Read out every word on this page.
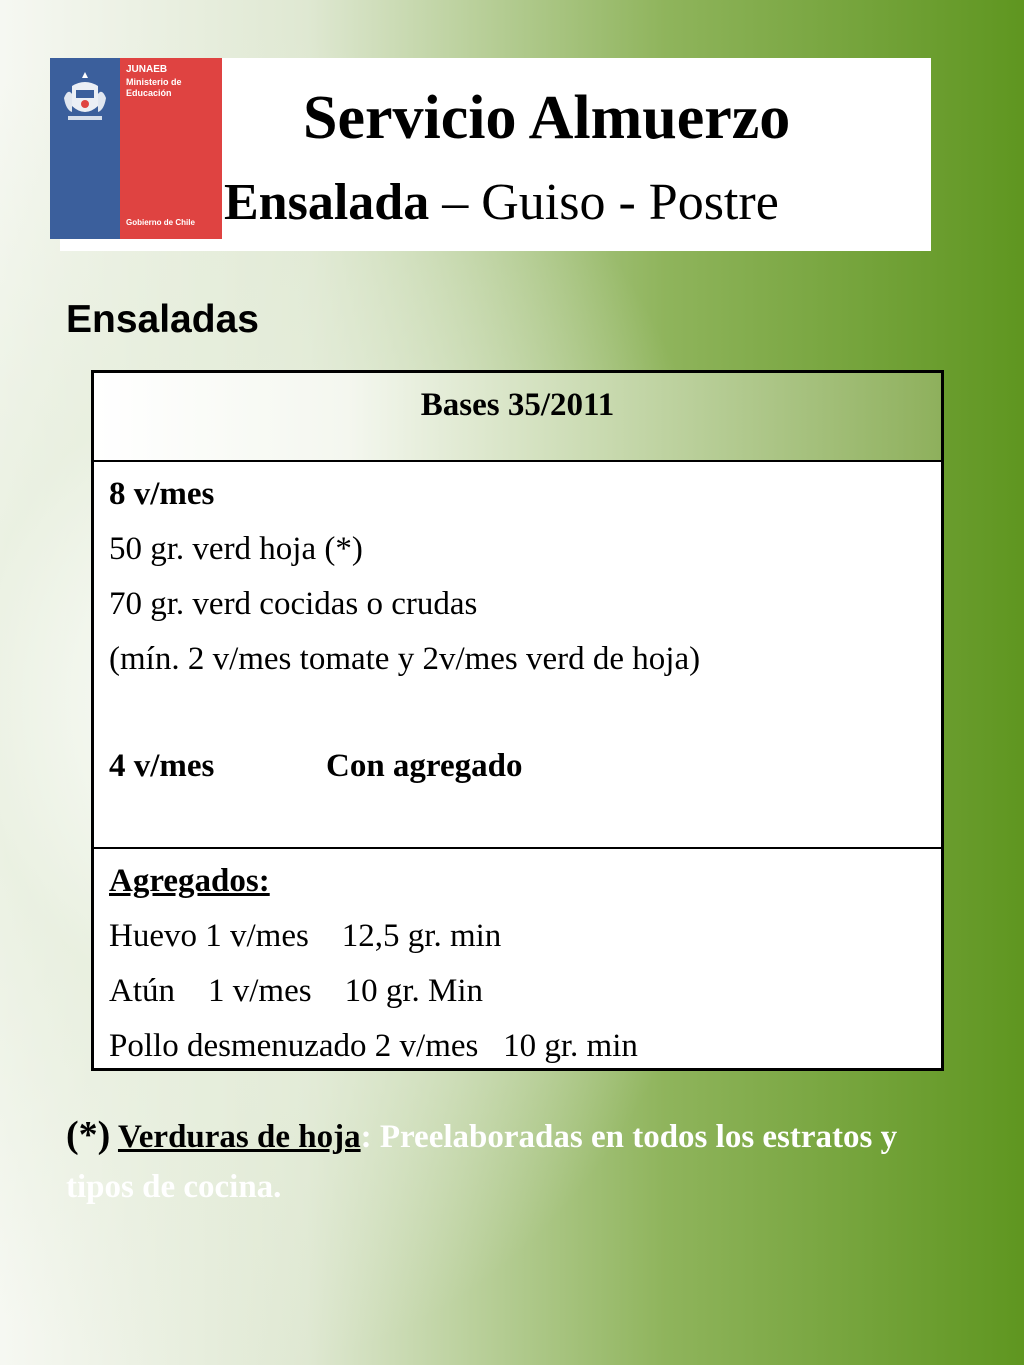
JUNAEB
Ministerio de
Educación
Gobierno de Chile
Servicio Almuerzo
Ensalada – Guiso - Postre
Ensaladas
Bases 35/2011
8 v/mes
50 gr. verd hoja (*)
70 gr. verd cocidas o crudas
(mín. 2 v/mes tomate y 2v/mes verd de hoja)
4 v/mes	Con agregado
Agregados:
Huevo 1 v/mes    12,5 gr. min
Atún    1 v/mes    10 gr. Min
Pollo desmenuzado 2 v/mes   10 gr. min
(*) Verduras de hoja: Preelaboradas en todos los estratos y tipos de cocina.
